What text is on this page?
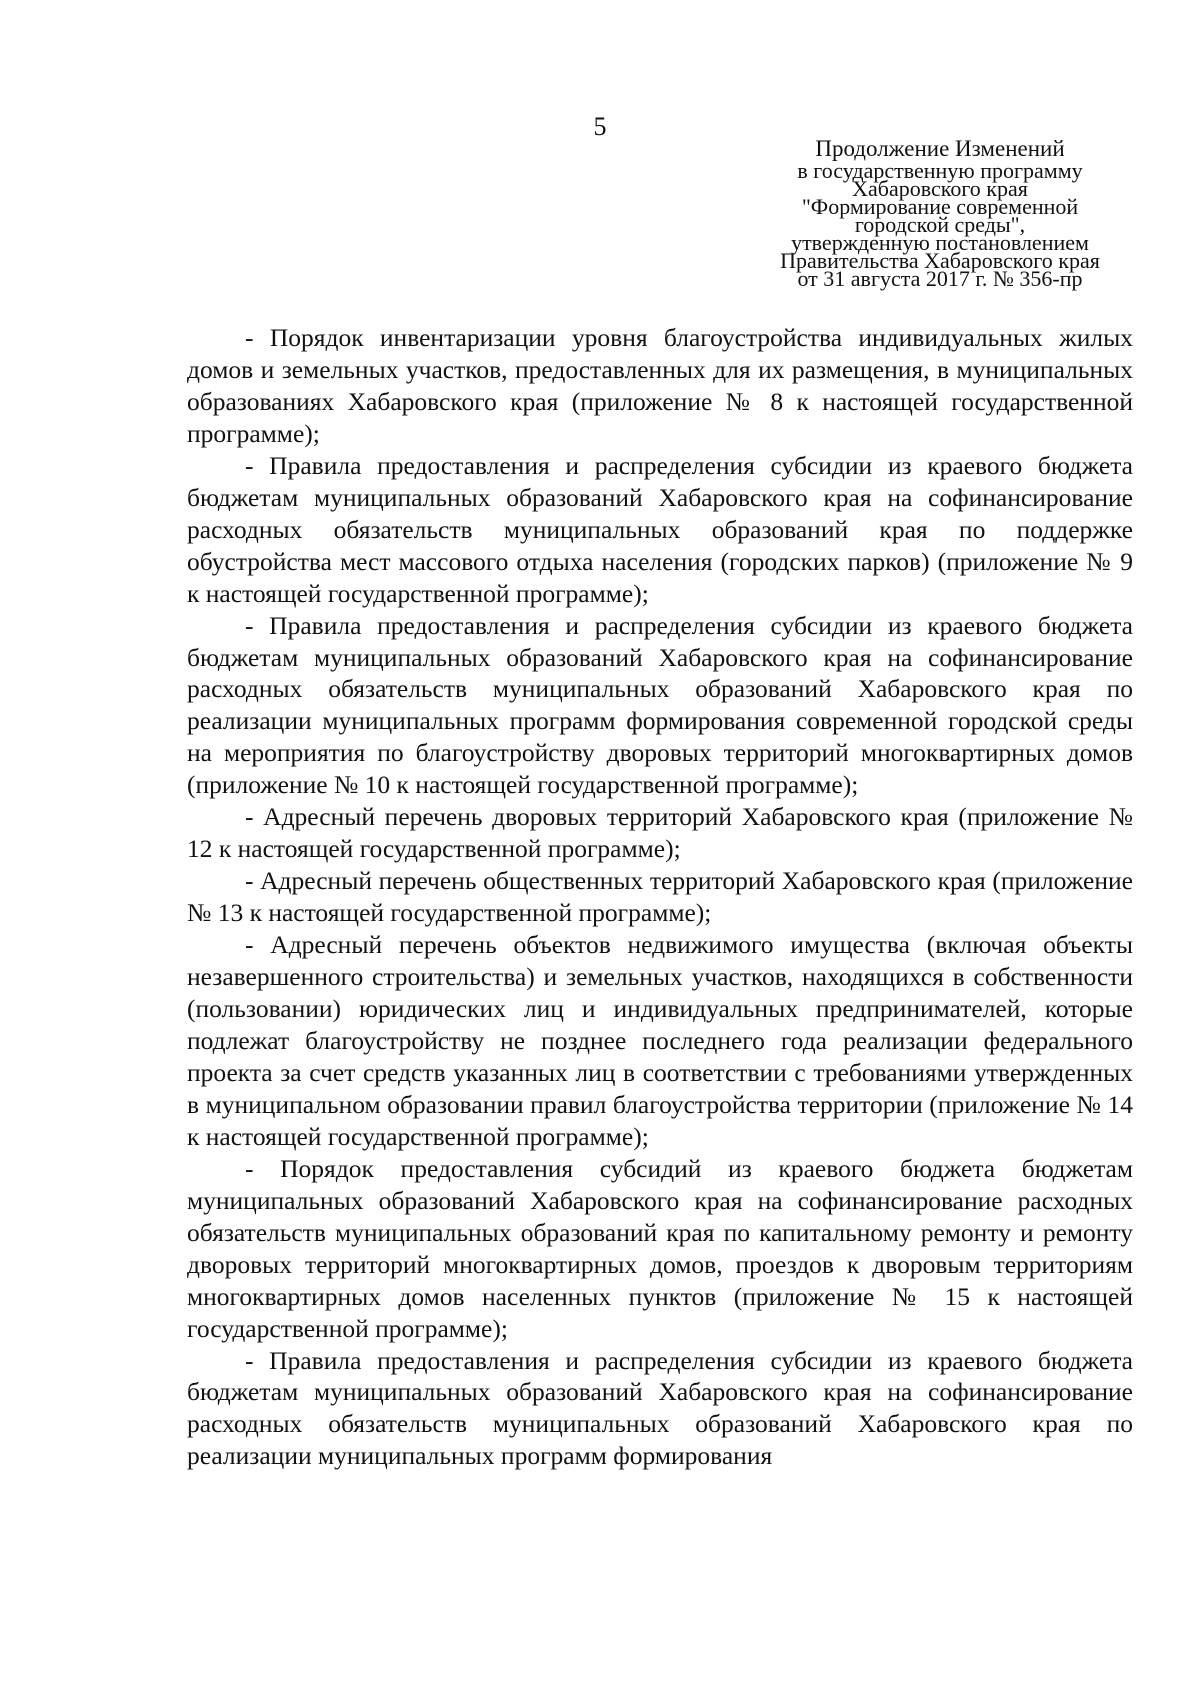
5
Продолжение Изменений
в государственную программу
Хабаровского края
"Формирование современной
городской среды",
утвержденную постановлением
Правительства Хабаровского края
от 31 августа 2017 г. № 356-пр

- Порядок инвентаризации уровня благоустройства индивидуальных жилых домов и земельных участков, предоставленных для их размещения, в муниципальных образованиях Хабаровского края (приложение № 8 к настоящей государственной программе);

- Правила предоставления и распределения субсидии из краевого бюджета бюджетам муниципальных образований Хабаровского края на софинансирование расходных обязательств муниципальных образований края по поддержке обустройства мест массового отдыха населения (городских парков) (приложение № 9 к настоящей государственной программе);

- Правила предоставления и распределения субсидии из краевого бюджета бюджетам муниципальных образований Хабаровского края на софинансирование расходных обязательств муниципальных образований Хабаровского края по реализации муниципальных программ формирования современной городской среды на мероприятия по благоустройству дворовых территорий многоквартирных домов (приложение № 10 к настоящей государственной программе);

- Адресный перечень дворовых территорий Хабаровского края (приложение № 12 к настоящей государственной программе);

- Адресный перечень общественных территорий Хабаровского края (приложение № 13 к настоящей государственной программе);

- Адресный перечень объектов недвижимого имущества (включая объекты незавершенного строительства) и земельных участков, находящихся в собственности (пользовании) юридических лиц и индивидуальных предпринимателей, которые подлежат благоустройству не позднее последнего года реализации федерального проекта за счет средств указанных лиц в соответствии с требованиями утвержденных в муниципальном образовании правил благоустройства территории (приложение № 14 к настоящей государственной программе);

- Порядок предоставления субсидий из краевого бюджета бюджетам муниципальных образований Хабаровского края на софинансирование расходных обязательств муниципальных образований края по капитальному ремонту и ремонту дворовых территорий многоквартирных домов, проездов к дворовым территориям многоквартирных домов населенных пунктов (приложение № 15 к настоящей государственной программе);

- Правила предоставления и распределения субсидии из краевого бюджета бюджетам муниципальных образований Хабаровского края на софинансирование расходных обязательств муниципальных образований Хабаровского края по реализации муниципальных программ формирования
